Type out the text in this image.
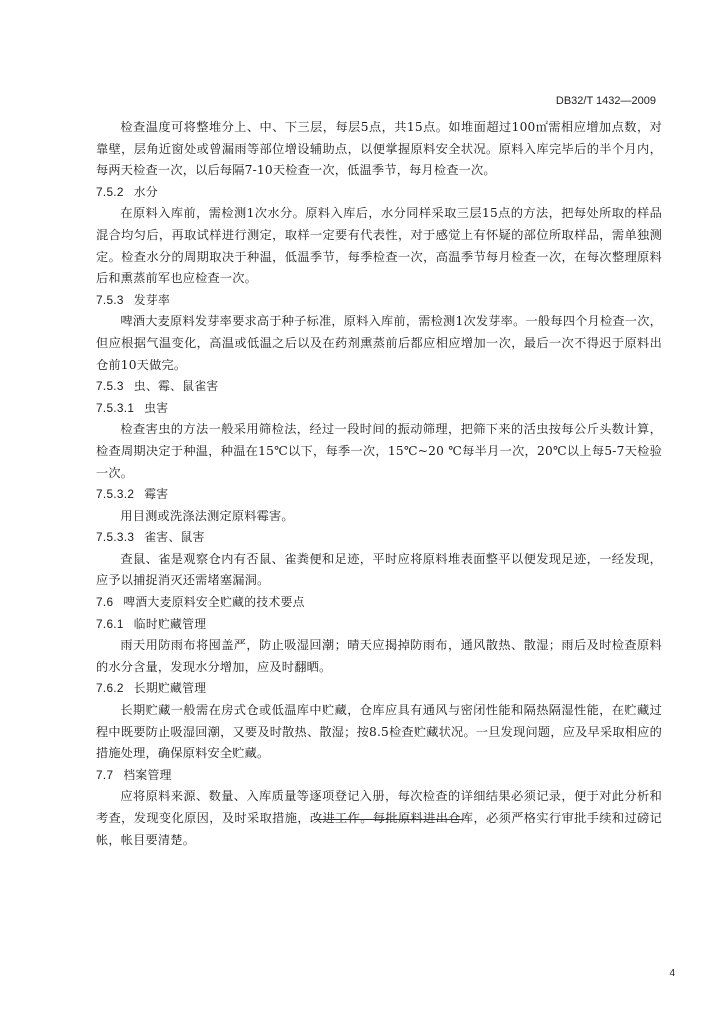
DB32/T 1432—2009

检查温度可将整堆分上、中、下三层，每层5点，共15点。如堆面超过100㎡需相应增加点数，对靠壁，层角近窗处或曾漏雨等部位增设辅助点，以便掌握原料安全状况。原料入库完毕后的半个月内，每两天检查一次，以后每隔7-10天检查一次，低温季节，每月检查一次。

7.5.2 水分

在原料入库前，需检测1次水分。原料入库后，水分同样采取三层15点的方法，把每处所取的样品混合均匀后，再取试样进行测定，取样一定要有代表性，对于感觉上有怀疑的部位所取样品，需单独测定。检查水分的周期取决于种温，低温季节，每季检查一次，高温季节每月检查一次，在每次整理原料后和熏蒸前军也应检查一次。

7.5.3 发芽率

啤酒大麦原料发芽率要求高于种子标准，原料入库前，需检测1次发芽率。一般每四个月检查一次，但应根据气温变化，高温或低温之后以及在药剂熏蒸前后都应相应增加一次，最后一次不得迟于原料出仓前10天做完。

7.5.3 虫、霉、鼠雀害

7.5.3.1 虫害

检查害虫的方法一般采用筛检法，经过一段时间的振动筛理，把筛下来的活虫按每公斤头数计算，检查周期决定于种温，种温在15℃以下，每季一次，15℃~20 ℃每半月一次，20℃以上每5-7天检验一次。

7.5.3.2 霉害

用目测或洗涤法测定原料霉害。

7.5.3.3 雀害、鼠害

查鼠、雀是观察仓内有否鼠、雀粪便和足迹，平时应将原料堆表面整平以便发现足迹，一经发现，应予以捕捉消灭还需堵塞漏洞。

7.6 啤酒大麦原料安全贮藏的技术要点

7.6.1 临时贮藏管理

雨天用防雨布将囤盖严，防止吸湿回潮；晴天应揭掉防雨布，通风散热、散湿；雨后及时检查原料的水分含量，发现水分增加，应及时翻晒。

7.6.2 长期贮藏管理

长期贮藏一般需在房式仓或低温库中贮藏，仓库应具有通风与密闭性能和隔热隔湿性能，在贮藏过程中既要防止吸湿回潮，又要及时散热、散湿；按8.5检查贮藏状况。一旦发现问题，应及早采取相应的措施处理，确保原料安全贮藏。

7.7 档案管理

应将原料来源、数量、入库质量等逐项登记入册，每次检查的详细结果必须记录，便于对此分析和考查，发现变化原因，及时采取措施，改进工作。每批原料进出仓库，必须严格实行审批手续和过磅记帐，帐目要清楚。

4
